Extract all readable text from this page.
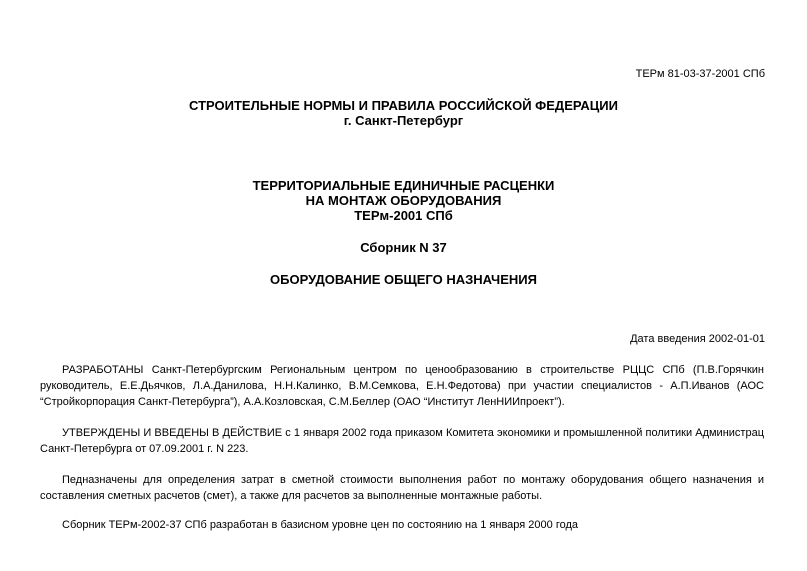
ТЕРм 81-03-37-2001 СПб
СТРОИТЕЛЬНЫЕ НОРМЫ И ПРАВИЛА РОССИЙСКОЙ ФЕДЕРАЦИИ
г. Санкт-Петербург
ТЕРРИТОРИАЛЬНЫЕ ЕДИНИЧНЫЕ РАСЦЕНКИ
НА МОНТАЖ ОБОРУДОВАНИЯ
ТЕРм-2001 СПб
Сборник N 37
ОБОРУДОВАНИЕ ОБЩЕГО НАЗНАЧЕНИЯ
Дата введения 2002-01-01
РАЗРАБОТАНЫ Санкт-Петербургским Региональным центром по ценообразованию в строительстве РЦЦС СПб (П.В.Горячкин
руководитель, Е.Е.Дьячков, Л.А.Данилова, Н.Н.Калинко, В.М.Семкова, Е.Н.Федотова) при участии специалистов - А.П.Иванов (АОС
“Стройкорпорация Санкт-Петербурга”), А.А.Козловская, С.М.Беллер (ОАО “Институт ЛенНИИпроект”).
УТВЕРЖДЕНЫ И ВВЕДЕНЫ В ДЕЙСТВИЕ с 1 января 2002 года приказом Комитета экономики и промышленной политики Администрац
Санкт-Петербурга от 07.09.2001 г. N 223.
Педназначены для определения затрат в сметной стоимости выполнения работ по монтажу оборудования общего назначения и
составления сметных расчетов (смет), а также для расчетов за выполненные монтажные работы.
Сборник ТЕРм-2002-37 СПб разработан в базисном уровне цен по состоянию на 1 января 2000 года
